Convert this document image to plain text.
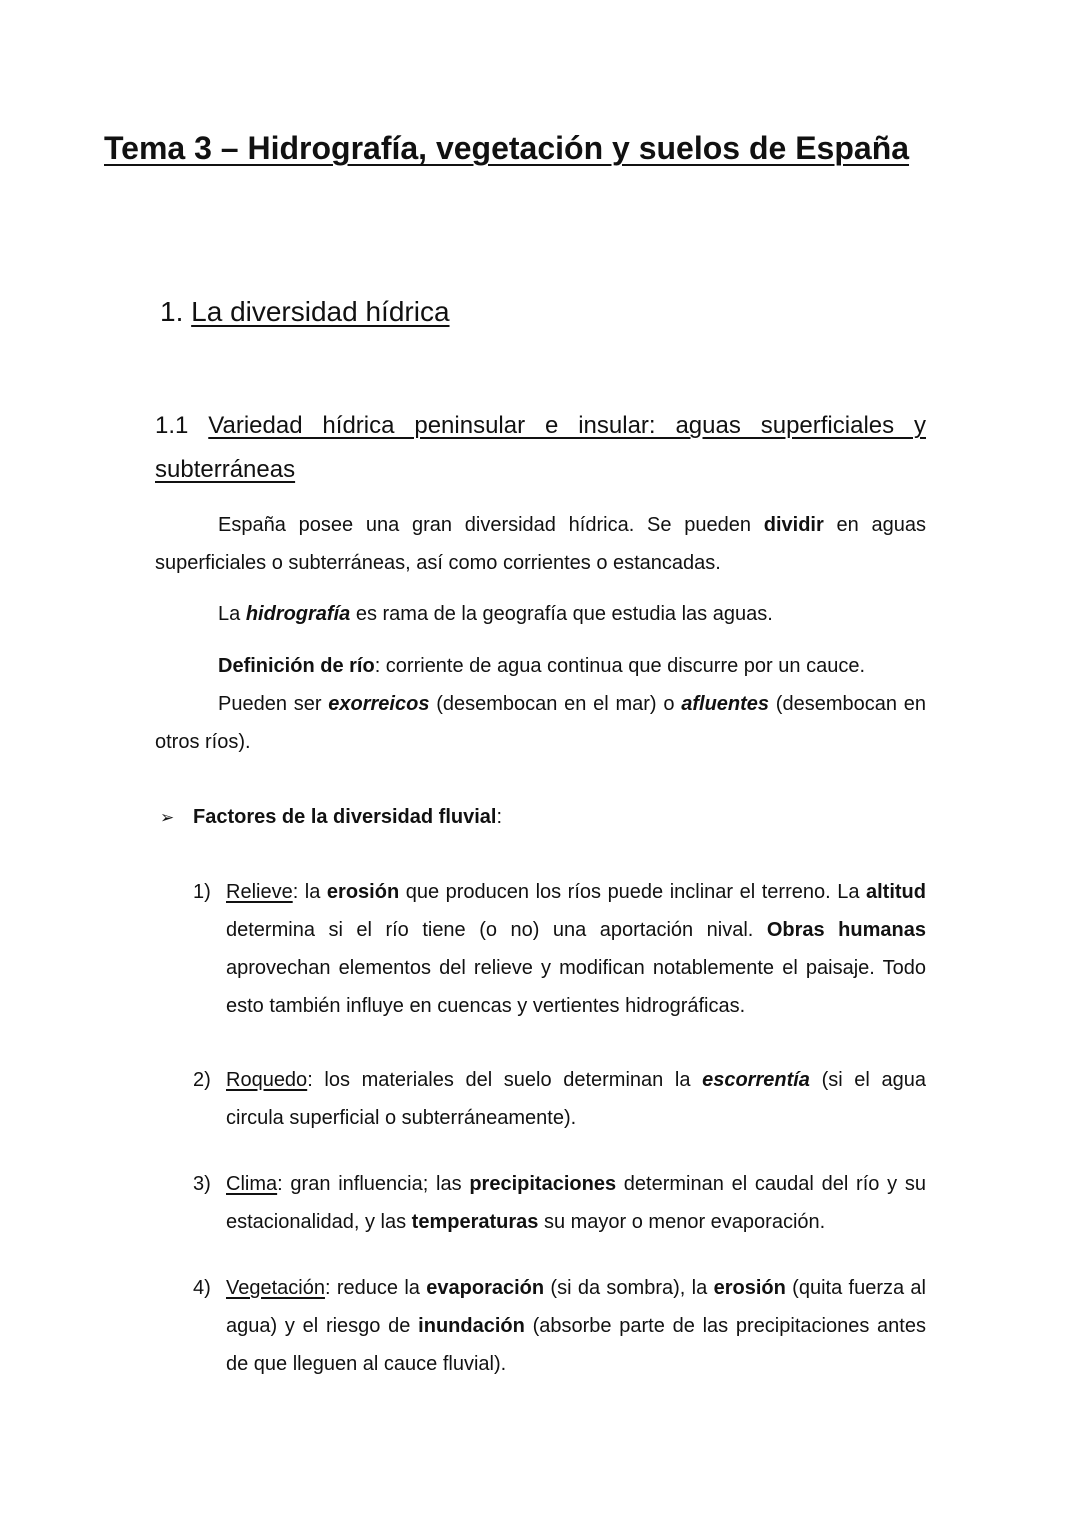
Tema 3 – Hidrografía, vegetación y suelos de España
1. La diversidad hídrica
1.1 Variedad hídrica peninsular e insular: aguas superficiales y subterráneas

España posee una gran diversidad hídrica. Se pueden dividir en aguas superficiales o subterráneas, así como corrientes o estancadas.

La hidrografía es rama de la geografía que estudia las aguas.

Definición de río: corriente de agua continua que discurre por un cauce.

Pueden ser exorreicos (desembocan en el mar) o afluentes (desembocan en otros ríos).

➢ Factores de la diversidad fluvial:
1) Relieve: la erosión que producen los ríos puede inclinar el terreno. La altitud determina si el río tiene (o no) una aportación nival. Obras humanas aprovechan elementos del relieve y modifican notablemente el paisaje. Todo esto también influye en cuencas y vertientes hidrográficas.
2) Roquedo: los materiales del suelo determinan la escorrentía (si el agua circula superficial o subterráneamente).
3) Clima: gran influencia; las precipitaciones determinan el caudal del río y su estacionalidad, y las temperaturas su mayor o menor evaporación.
4) Vegetación: reduce la evaporación (si da sombra), la erosión (quita fuerza al agua) y el riesgo de inundación (absorbe parte de las precipitaciones antes de que lleguen al cauce fluvial).
